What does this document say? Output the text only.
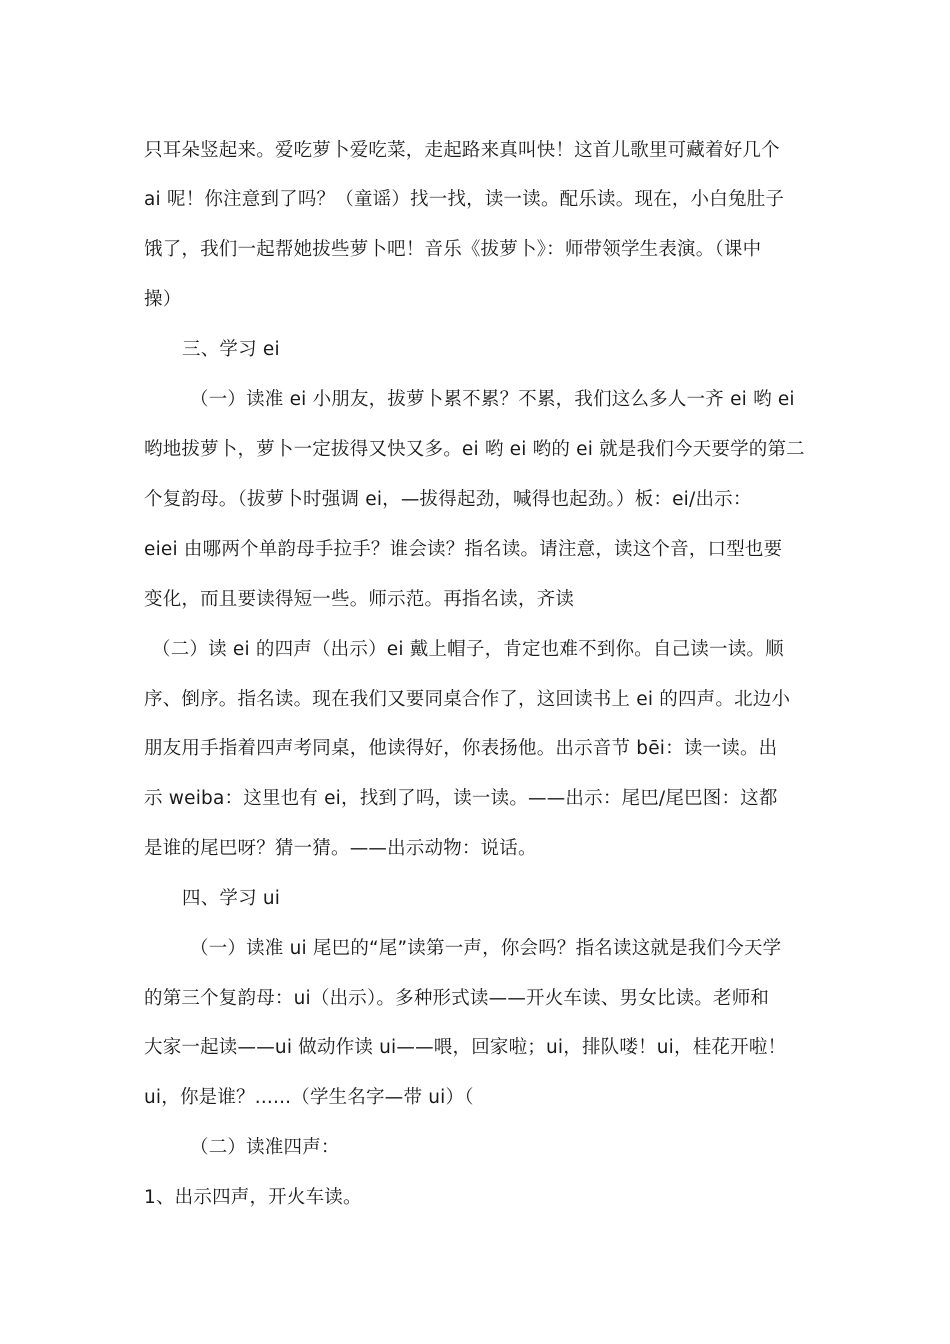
只耳朵竖起来。爱吃萝卜爱吃菜，走起路来真叫快！这首儿歌里可藏着好几个
ai 呢！你注意到了吗？（童谣）找一找，读一读。配乐读。现在，小白兔肚子
饿了，我们一起帮她拔些萝卜吧！音乐《拔萝卜》：师带领学生表演。（课中
操）
三、学习 ei
（一）读准 ei 小朋友，拔萝卜累不累？不累，我们这么多人一齐 ei 哟 ei
哟地拔萝卜，萝卜一定拔得又快又多。ei 哟 ei 哟的 ei 就是我们今天要学的第二
个复韵母。（拔萝卜时强调 ei，—拔得起劲，喊得也起劲。）板：ei/出示：
eiei 由哪两个单韵母手拉手？谁会读？指名读。请注意，读这个音，口型也要
变化，而且要读得短一些。师示范。再指名读，齐读
（二）读 ei 的四声（出示）ei 戴上帽子，肯定也难不到你。自己读一读。顺
序、倒序。指名读。现在我们又要同桌合作了，这回读书上 ei 的四声。北边小
朋友用手指着四声考同桌，他读得好，你表扬他。出示音节 bēi：读一读。出
示 weiba：这里也有 ei，找到了吗，读一读。——出示：尾巴/尾巴图：这都
是谁的尾巴呀？猜一猜。——出示动物：说话。
四、学习 ui
（一）读准 ui 尾巴的“尾”读第一声，你会吗？指名读这就是我们今天学
的第三个复韵母：ui（出示）。多种形式读——开火车读、男女比读。老师和
大家一起读——ui 做动作读 ui——喂，回家啦；ui，排队喽！ui，桂花开啦！
ui，你是谁？......（学生名字—带 ui）（
（二）读准四声：
1、出示四声，开火车读。
